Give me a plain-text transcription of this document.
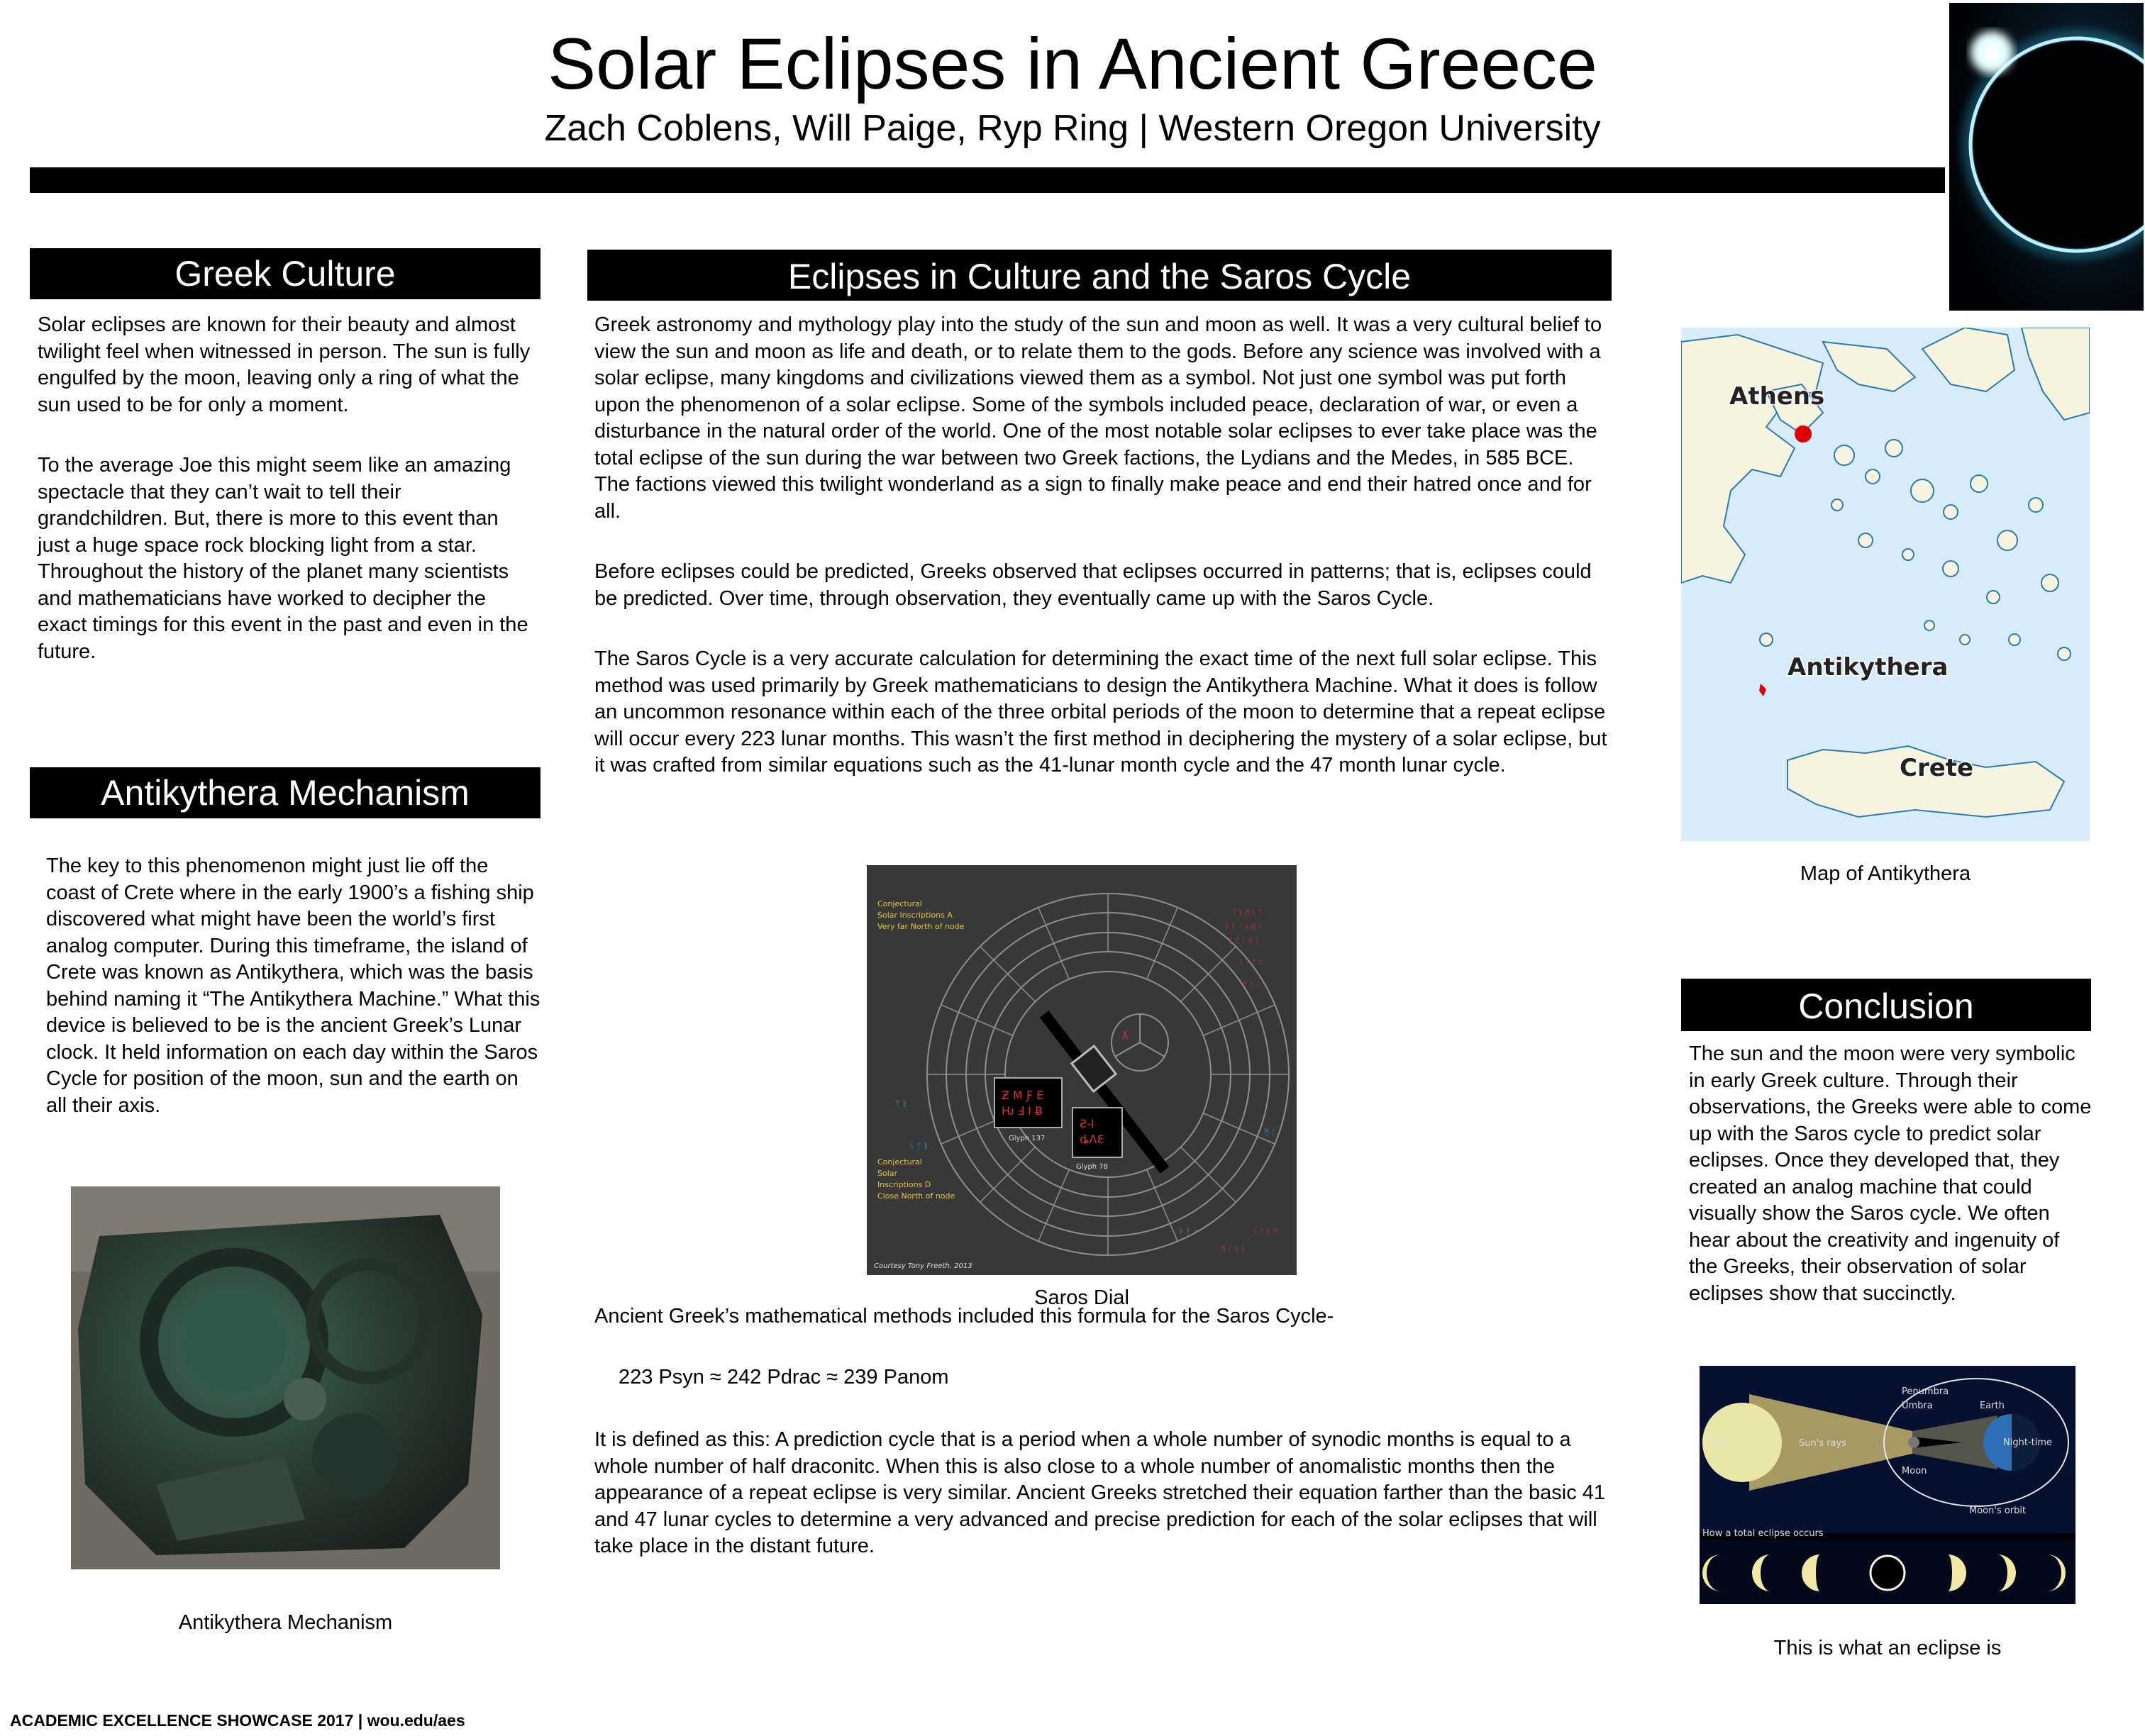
Solar Eclipses in Ancient Greece
Zach Coblens, Will Paige, Ryp Ring | Western Oregon University
Greek Culture

Solar eclipses are known for their beauty and almost twilight feel when witnessed in person. The sun is fully engulfed by the moon, leaving only a ring of what the sun used to be for only a moment.

To the average Joe this might seem like an amazing spectacle that they can’t wait to tell their grandchildren. But, there is more to this event than just a huge space rock blocking light from a star. Throughout the history of the planet many scientists and mathematicians have worked to decipher the exact timings for this event in the past and even in the future.

Antikythera Mechanism
The key to this phenomenon might just lie off the coast of Crete where in the early 1900’s a fishing ship discovered what might have been the world’s first analog computer. During this timeframe, the island of Crete was known as Antikythera, which was the basis behind naming it “The Antikythera Machine.” What this device is believed to be is the ancient Greek’s Lunar clock. It held information on each day within the Saros Cycle for position of the moon, sun and the earth on all their axis.
Antikythera Mechanism
Eclipses in Culture and the Saros Cycle

Greek astronomy and mythology play into the study of the sun and moon as well. It was a very cultural belief to view the sun and moon as life and death, or to relate them to the gods. Before any science was involved with a solar eclipse, many kingdoms and civilizations viewed them as a symbol. Not just one symbol was put forth upon the phenomenon of a solar eclipse. Some of the symbols included peace, declaration of war, or even a disturbance in the natural order of the world. One of the most notable solar eclipses to ever take place was the total eclipse of the sun during the war between two Greek factions, the Lydians and the Medes, in 585 BCE. The factions viewed this twilight wonderland as a sign to finally make peace and end their hatred once and for all.

Before eclipses could be predicted, Greeks observed that eclipses occurred in patterns; that is, eclipses could be predicted. Over time, through observation, they eventually came up with the Saros Cycle.

The Saros Cycle is a very accurate calculation for determining the exact time of the next full solar eclipse. This method was used primarily by Greek mathematicians to design the Antikythera Machine. What it does is follow an uncommon resonance within each of the three orbital periods of the moon to determine that a repeat eclipse will occur every 223 lunar months. This wasn’t the first method in deciphering the mystery of a solar eclipse, but it was crafted from similar equations such as the 41-lunar month cycle and the 47 month lunar cycle.

Ƶ M Ƒ E
Ƕ Ⅎ I Ƀ
Ƨ-I
ȡꓥƐ
ƛ
ᛉ ᚱ ᛗ ᛊ ᛏ
ᚦ ᚨ ᚲ ᛟ ᛞ ᛃ
ᛒ ᛖ ᛚ ᛝ ᛇ
ᛁ ᛉ ᚠ ᚢ
ᚺ ᚾ ᛁ
ᛊ ᛏ ᛒ ᛖ
ᛗ ᛚ ᛝ ᛟ
ᛉ ᚱ
ᛊ ᛏ ᛒ
ᛗ ᛚ
ᚦ ᚨ ᚲ
Conjectural
Solar Inscriptions A
Very far North of node
Conjectural
Solar
Inscriptions D
Close North of node
Glyph 137
Glyph 78
Courtesy Tony Freeth, 2013
Saros Dial
Ancient Greek’s mathematical methods included this formula for the Saros Cycle-
223 Psyn ≈ 242 Pdrac ≈ 239 Panom
It is defined as this: A prediction cycle that is a period when a whole number of synodic months is equal to a whole number of half draconitc. When this is also close to a whole number of anomalistic months then the appearance of a repeat eclipse is very similar. Ancient Greeks stretched their equation farther than the basic 41 and 47 lunar cycles to determine a very advanced and precise prediction for each of the solar eclipses that will take place in the distant future.
Athens
Antikythera
Crete
Map of Antikythera
Conclusion
The sun and the moon were very symbolic in early Greek culture. Through their observations, the Greeks were able to come up with the Saros cycle to predict solar eclipses. Once they developed that, they created an analog machine that could visually show the Saros cycle. We often hear about the creativity and ingenuity of the Greeks, their observation of solar eclipses show that succinctly.
Sun	Sun's rays
Penumbra
Umbra	Earth
Night-time
Moon
Moon's orbit
How a total eclipse occurs
This is what an eclipse is
ACADEMIC EXCELLENCE SHOWCASE 2017 | wou.edu/aes
